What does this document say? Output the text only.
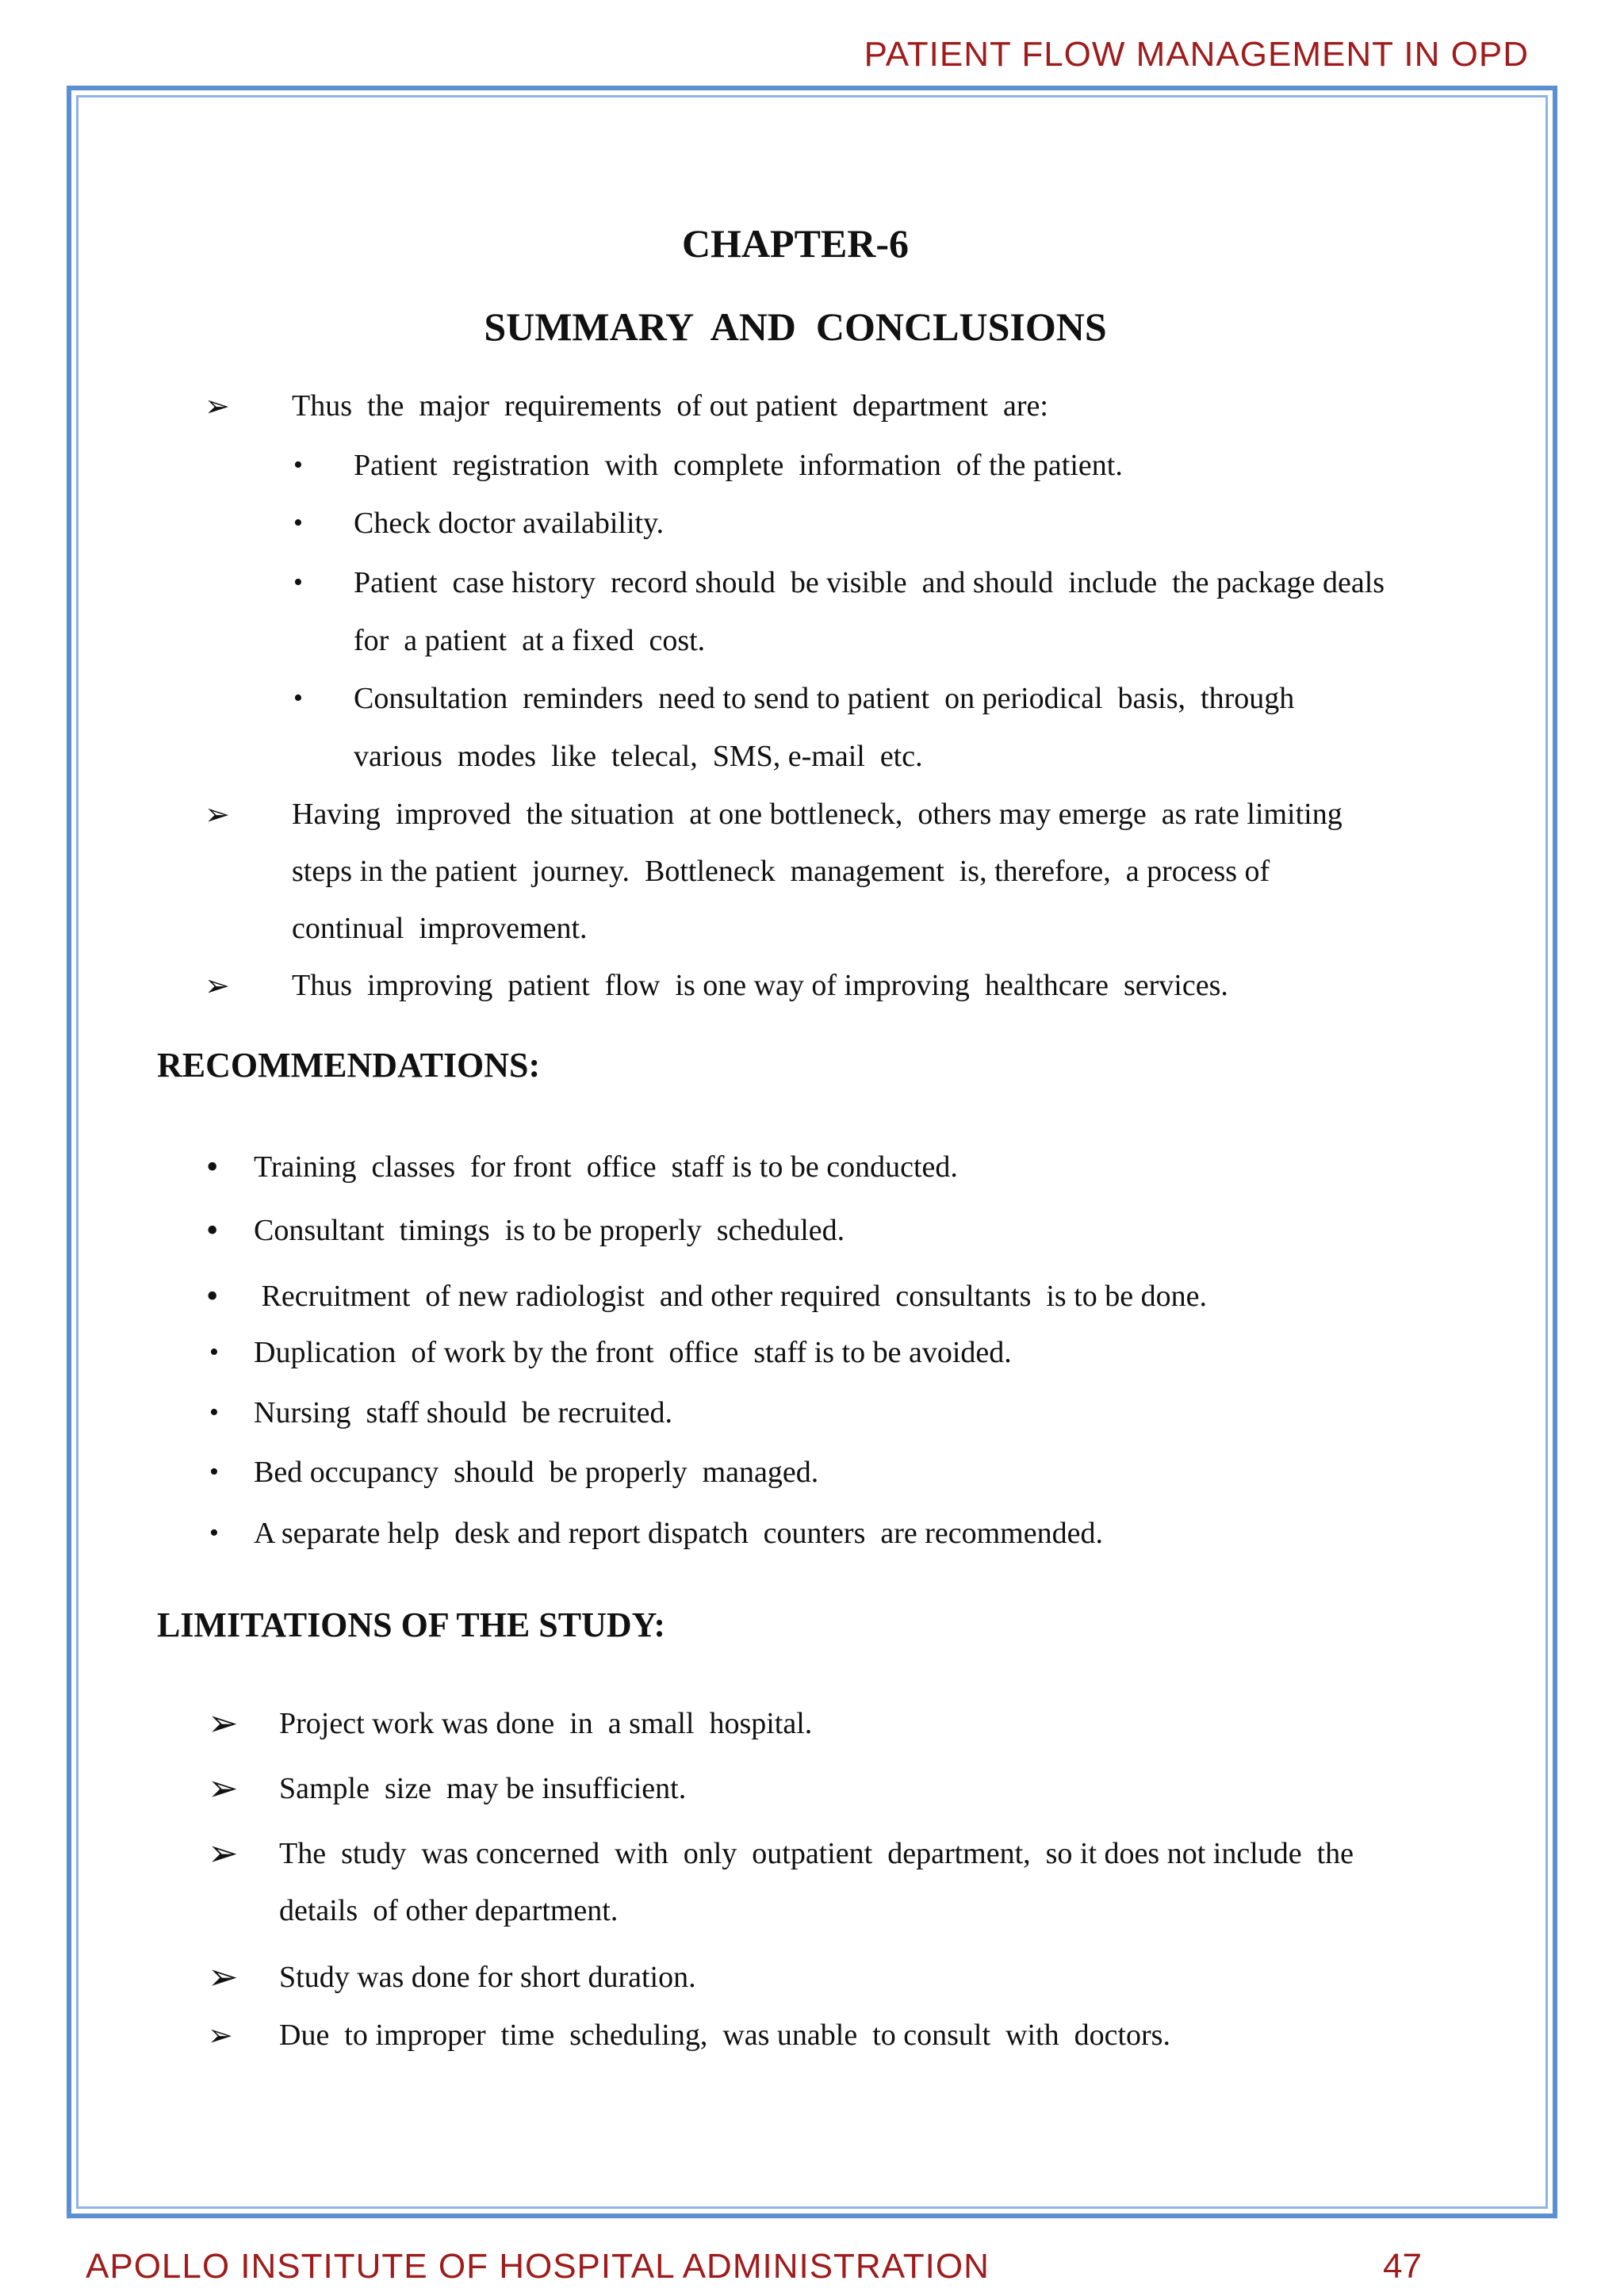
PATIENT FLOW MANAGEMENT IN OPD
CHAPTER-6
SUMMARY  AND  CONCLUSIONS
➢ Thus  the  major  requirements  of out patient  department  are:
• Patient  registration  with  complete  information  of the patient.
• Check doctor availability.
• Patient  case history  record should  be visible  and should  include  the package deals
for  a patient  at a fixed  cost.
• Consultation  reminders  need to send to patient  on periodical  basis,  through
various  modes  like  telecal,  SMS, e-mail  etc.
➢ Having  improved  the situation  at one bottleneck,  others may emerge  as rate limiting
steps in the patient  journey.  Bottleneck  management  is, therefore,  a process of
continual  improvement.
➢ Thus  improving  patient  flow  is one way of improving  healthcare  services.
RECOMMENDATIONS:
• Training  classes  for front  office  staff is to be conducted.
• Consultant  timings  is to be properly  scheduled.
• Recruitment  of new radiologist  and other required  consultants  is to be done.
• Duplication  of work by the front  office  staff is to be avoided.
• Nursing  staff should  be recruited.
• Bed occupancy  should  be properly  managed.
• A separate help  desk and report dispatch  counters  are recommended.
LIMITATIONS OF THE STUDY:
➢ Project work was done  in  a small  hospital.
➢ Sample  size  may be insufficient.
➢ The  study  was concerned  with  only  outpatient  department,  so it does not include  the
details  of other department.
➢ Study was done for short duration.
➢ Due  to improper  time  scheduling,  was unable  to consult  with  doctors.
APOLLO INSTITUTE OF HOSPITAL ADMINISTRATION	47
